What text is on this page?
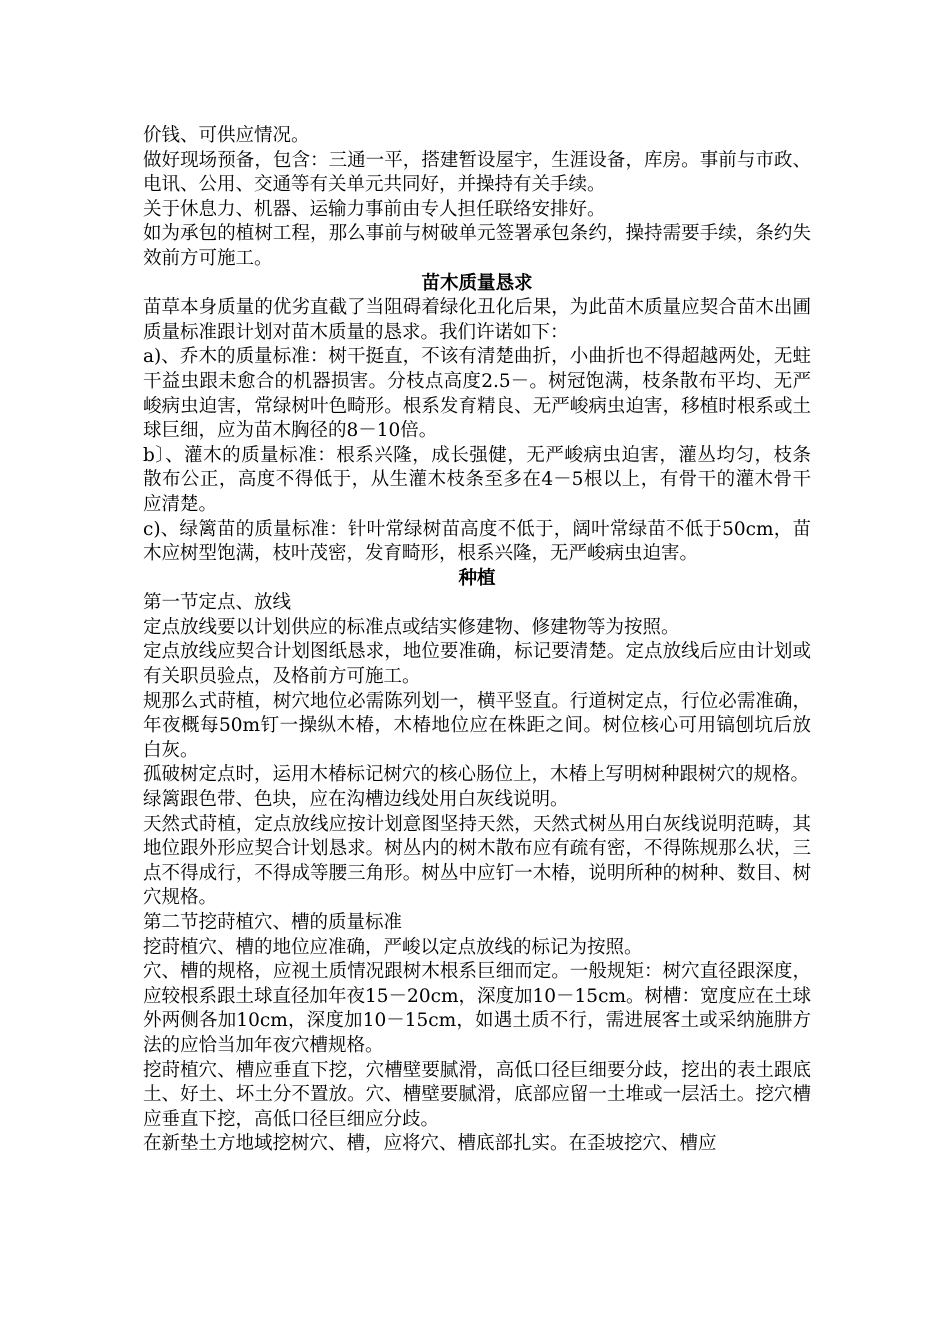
价钱、可供应情况。

做好现场预备，包含：三通一平，搭建暂设屋宇，生涯设备，库房。事前与市政、电讯、公用、交通等有关单元共同好，并操持有关手续。

关于休息力、机器、运输力事前由专人担任联络安排好。

如为承包的植树工程，那么事前与树破单元签署承包条约，操持需要手续，条约失效前方可施工。

苗木质量恳求

苗草本身质量的优劣直截了当阻碍着绿化丑化后果，为此苗木质量应契合苗木出圃质量标准跟计划对苗木质量的恳求。我们许诺如下：

a)、乔木的质量标准：树干挺直，不该有清楚曲折，小曲折也不得超越两处，无蛀干益虫跟未愈合的机器损害。分枝点高度2.5－。树冠饱满，枝条散布平均、无严峻病虫迫害，常绿树叶色畸形。根系发育精良、无严峻病虫迫害，移植时根系或土球巨细，应为苗木胸径的8－10倍。

b〕、灌木的质量标准：根系兴隆，成长强健，无严峻病虫迫害，灌丛均匀，枝条散布公正，高度不得低于，从生灌木枝条至多在4－5根以上，有骨干的灌木骨干应清楚。

c)、绿篱苗的质量标准：针叶常绿树苗高度不低于，阔叶常绿苗不低于50cm，苗木应树型饱满，枝叶茂密，发育畸形，根系兴隆，无严峻病虫迫害。

种植

第一节定点、放线

定点放线要以计划供应的标准点或结实修建物、修建物等为按照。

定点放线应契合计划图纸恳求，地位要准确，标记要清楚。定点放线后应由计划或有关职员验点，及格前方可施工。

规那么式莳植，树穴地位必需陈列划一，横平竖直。行道树定点，行位必需准确，年夜概每50m钉一操纵木椿，木椿地位应在株距之间。树位核心可用镐刨坑后放白灰。

孤破树定点时，运用木椿标记树穴的核心肠位上，木椿上写明树种跟树穴的规格。

绿篱跟色带、色块，应在沟槽边线处用白灰线说明。

天然式莳植，定点放线应按计划意图坚持天然，天然式树丛用白灰线说明范畴，其地位跟外形应契合计划恳求。树丛内的树木散布应有疏有密，不得陈规那么状，三点不得成行，不得成等腰三角形。树丛中应钉一木椿，说明所种的树种、数目、树穴规格。

第二节挖莳植穴、槽的质量标准

挖莳植穴、槽的地位应准确，严峻以定点放线的标记为按照。

穴、槽的规格，应视土质情况跟树木根系巨细而定。一般规矩：树穴直径跟深度，应较根系跟土球直径加年夜15－20cm，深度加10－15cm。树槽：宽度应在土球外两侧各加10cm，深度加10－15cm，如遇土质不行，需进展客土或采纳施肼方法的应恰当加年夜穴槽规格。

挖莳植穴、槽应垂直下挖，穴槽壁要腻滑，高低口径巨细要分歧，挖出的表土跟底土、好土、坏土分不置放。穴、槽壁要腻滑，底部应留一土堆或一层活土。挖穴槽应垂直下挖，高低口径巨细应分歧。

在新垫土方地域挖树穴、槽，应将穴、槽底部扎实。在歪坡挖穴、槽应
